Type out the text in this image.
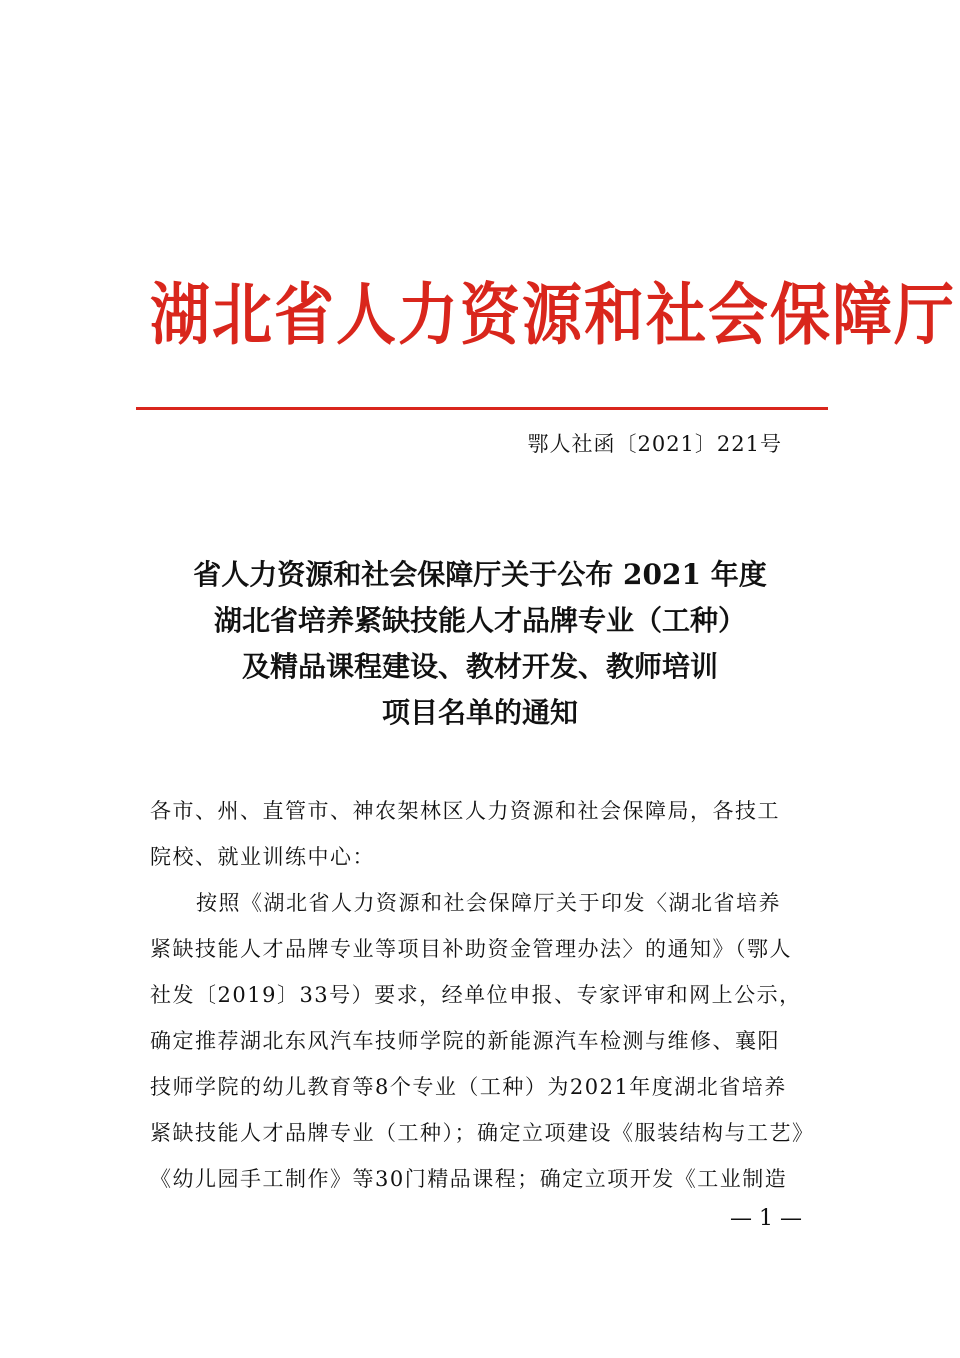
湖北省人力资源和社会保障厅
鄂人社函〔2021〕221号
省人力资源和社会保障厅关于公布 2021 年度
湖北省培养紧缺技能人才品牌专业（工种）
及精品课程建设、教材开发、教师培训
项目名单的通知
各市、州、直管市、神农架林区人力资源和社会保障局，各技工
院校、就业训练中心：
按照《湖北省人力资源和社会保障厅关于印发〈湖北省培养
紧缺技能人才品牌专业等项目补助资金管理办法〉的通知》（鄂人
社发〔2019〕33号）要求，经单位申报、专家评审和网上公示，
确定推荐湖北东风汽车技师学院的新能源汽车检测与维修、襄阳
技师学院的幼儿教育等8个专业（工种）为2021年度湖北省培养
紧缺技能人才品牌专业（工种）；确定立项建设《服装结构与工艺》
《幼儿园手工制作》等30门精品课程；确定立项开发《工业制造
— 1 —
